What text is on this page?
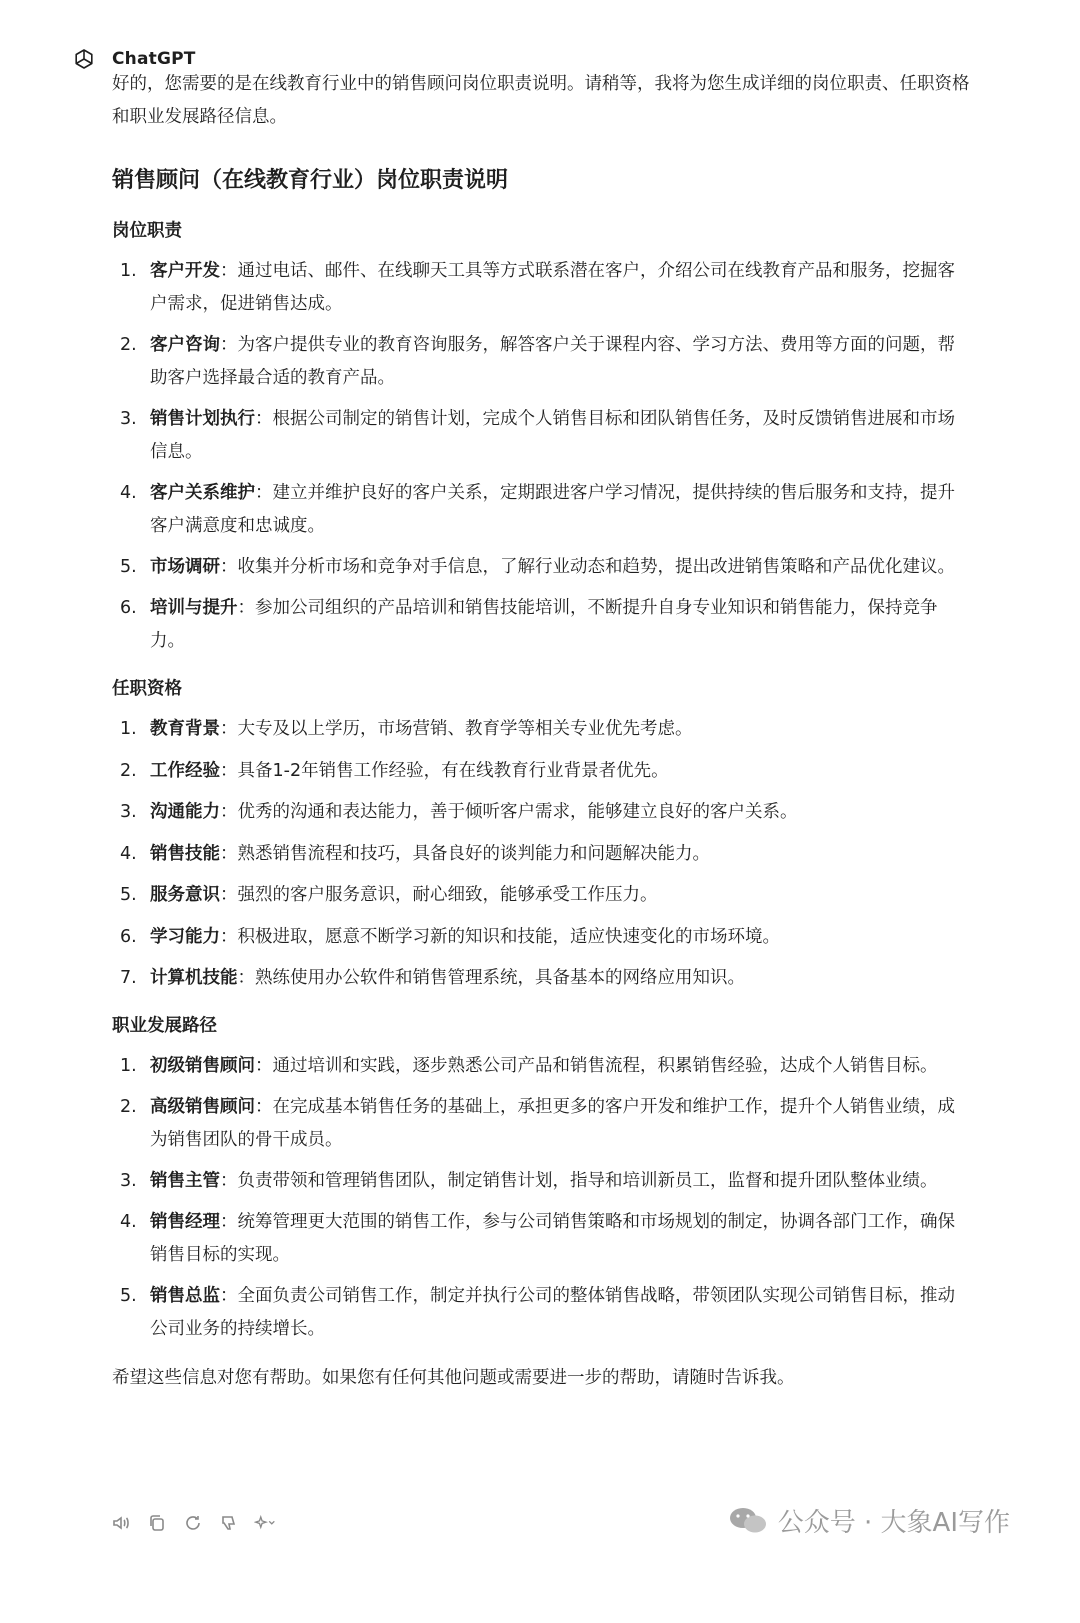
ChatGPT

好的，您需要的是在线教育行业中的销售顾问岗位职责说明。请稍等，我将为您生成详细的岗位职责、任职资格和职业发展路径信息。

销售顾问（在线教育行业）岗位职责说明
岗位职责
1. 客户开发：通过电话、邮件、在线聊天工具等方式联系潜在客户，介绍公司在线教育产品和服务，挖掘客户需求，促进销售达成。
2. 客户咨询：为客户提供专业的教育咨询服务，解答客户关于课程内容、学习方法、费用等方面的问题，帮助客户选择最合适的教育产品。
3. 销售计划执行：根据公司制定的销售计划，完成个人销售目标和团队销售任务，及时反馈销售进展和市场信息。
4. 客户关系维护：建立并维护良好的客户关系，定期跟进客户学习情况，提供持续的售后服务和支持，提升客户满意度和忠诚度。
5. 市场调研：收集并分析市场和竞争对手信息，了解行业动态和趋势，提出改进销售策略和产品优化建议。
6. 培训与提升：参加公司组织的产品培训和销售技能培训，不断提升自身专业知识和销售能力，保持竞争力。
任职资格
1. 教育背景：大专及以上学历，市场营销、教育学等相关专业优先考虑。
2. 工作经验：具备1-2年销售工作经验，有在线教育行业背景者优先。
3. 沟通能力：优秀的沟通和表达能力，善于倾听客户需求，能够建立良好的客户关系。
4. 销售技能：熟悉销售流程和技巧，具备良好的谈判能力和问题解决能力。
5. 服务意识：强烈的客户服务意识，耐心细致，能够承受工作压力。
6. 学习能力：积极进取，愿意不断学习新的知识和技能，适应快速变化的市场环境。
7. 计算机技能：熟练使用办公软件和销售管理系统，具备基本的网络应用知识。
职业发展路径
1. 初级销售顾问：通过培训和实践，逐步熟悉公司产品和销售流程，积累销售经验，达成个人销售目标。
2. 高级销售顾问：在完成基本销售任务的基础上，承担更多的客户开发和维护工作，提升个人销售业绩，成为销售团队的骨干成员。
3. 销售主管：负责带领和管理销售团队，制定销售计划，指导和培训新员工，监督和提升团队整体业绩。
4. 销售经理：统筹管理更大范围的销售工作，参与公司销售策略和市场规划的制定，协调各部门工作，确保销售目标的实现。
5. 销售总监：全面负责公司销售工作，制定并执行公司的整体销售战略，带领团队实现公司销售目标，推动公司业务的持续增长。

希望这些信息对您有帮助。如果您有任何其他问题或需要进一步的帮助，请随时告诉我。

公众号 · 大象AI写作
